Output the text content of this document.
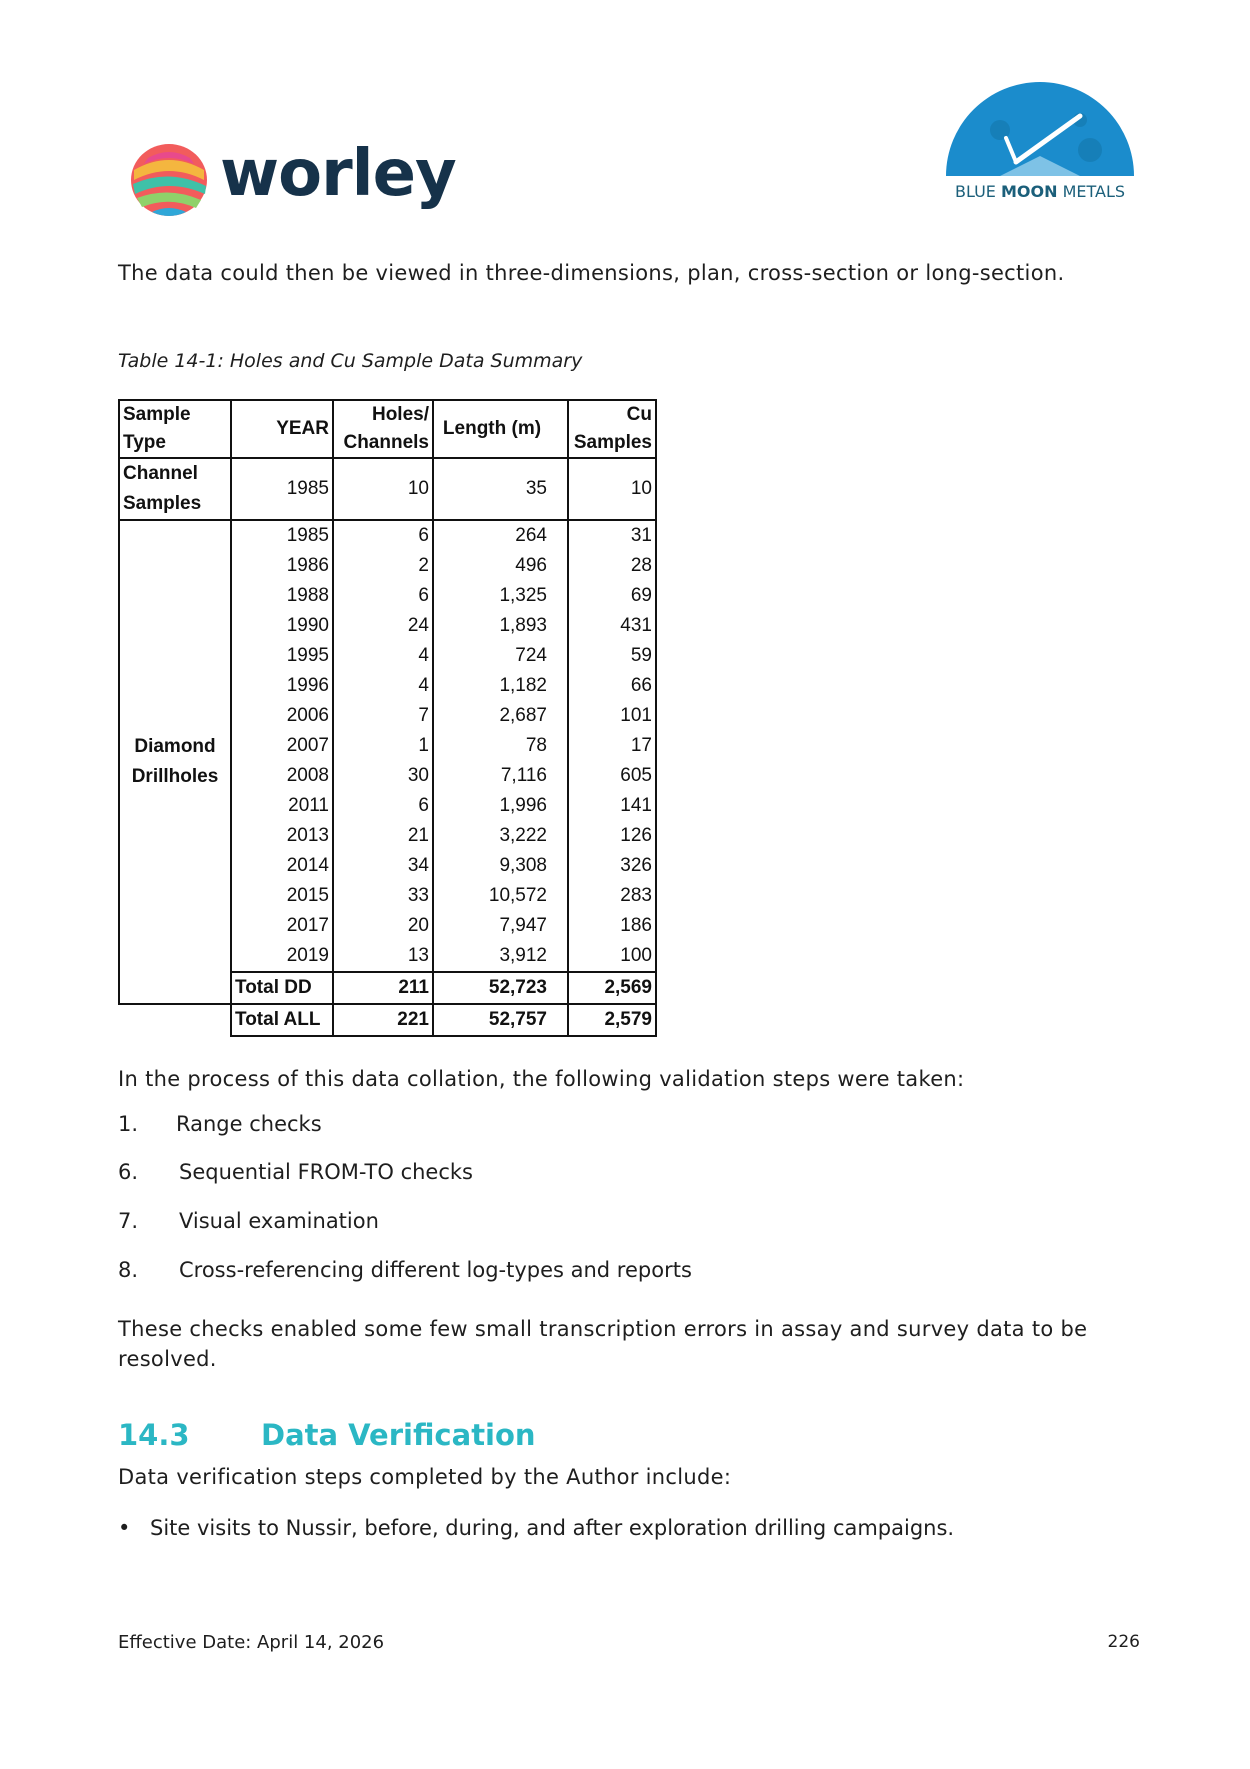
worley	BLUE MOON METALS
The data could then be viewed in three-dimensions, plan, cross-section or long-section.
Table 14-1: Holes and Cu Sample Data Summary
Sample Type	YEAR	Holes/ Channels	Length (m)	Cu Samples
Channel Samples	1985	10	35	10
Diamond
Drillholes	1985	6	264	31
	1986	2	496	28
	1988	6	1,325	69
	1990	24	1,893	431
	1995	4	724	59
	1996	4	1,182	66
	2006	7	2,687	101
	2007	1	78	17
	2008	30	7,116	605
	2011	6	1,996	141
	2013	21	3,222	126
	2014	34	9,308	326
	2015	33	10,572	283
	2017	20	7,947	186
	2019	13	3,912	100
	Total DD	211	52,723	2,569
	Total ALL	221	52,757	2,579
In the process of this data collation, the following validation steps were taken:
1. Range checks
6. Sequential FROM-TO checks
7. Visual examination
8. Cross-referencing different log-types and reports
These checks enabled some few small transcription errors in assay and survey data to be resolved.
14.3 Data Verification
Data verification steps completed by the Author include:
• Site visits to Nussir, before, during, and after exploration drilling campaigns.
Effective Date: April 14, 2026	226
